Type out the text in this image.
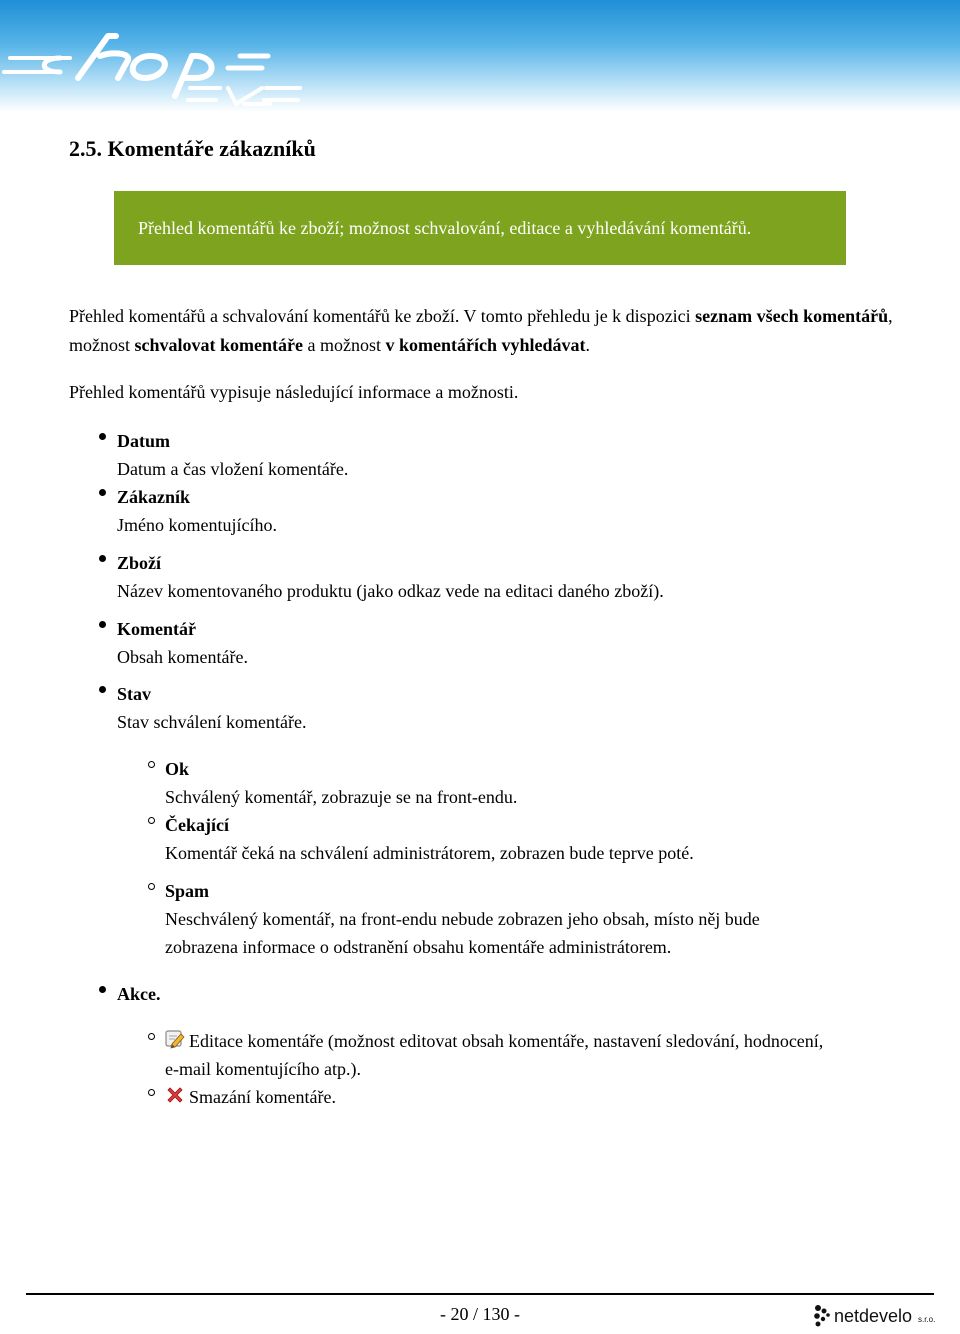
2.5. Komentáře zákazníků
Přehled komentářů ke zboží; možnost schvalování, editace a vyhledávání komentářů.

Přehled komentářů a schvalování komentářů ke zboží. V tomto přehledu je k dispozici seznam všech komentářů, možnost schvalovat komentáře a možnost v komentářích vyhledávat.

Přehled komentářů vypisuje následující informace a možnosti.

Datum
Datum a čas vložení komentáře.
Zákazník
Jméno komentujícího.
Zboží
Název komentovaného produktu (jako odkaz vede na editaci daného zboží).
Komentář
Obsah komentáře.
Stav
Stav schválení komentáře.
Ok
Schválený komentář, zobrazuje se na front-endu.
Čekající
Komentář čeká na schválení administrátorem, zobrazen bude teprve poté.
Spam
Neschválený komentář, na front-endu nebude zobrazen jeho obsah, místo něj bude
zobrazena informace o odstranění obsahu komentáře administrátorem.
Akce.
Editace komentáře (možnost editovat obsah komentáře, nastavení sledování, hodnocení,
e-mail komentujícího atp.).
Smazání komentáře.
- 20 / 130 -	netdevelo s.r.o.
